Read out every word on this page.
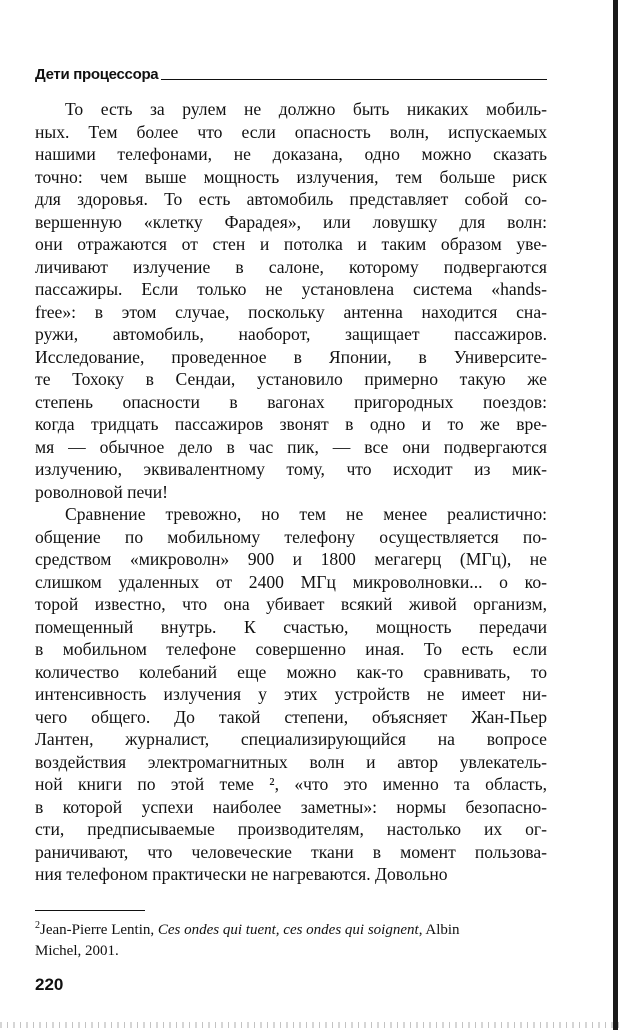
Дети процессора

То есть за рулем не должно быть никаких мобиль-
ных. Тем более что если опасность волн, испускаемых
нашими телефонами, не доказана, одно можно сказать
точно: чем выше мощность излучения, тем больше риск
для здоровья. То есть автомобиль представляет собой со-
вершенную «клетку Фарадея», или ловушку для волн:
они отражаются от стен и потолка и таким образом уве-
личивают излучение в салоне, которому подвергаются
пассажиры. Если только не установлена система «hands-
free»: в этом случае, поскольку антенна находится сна-
ружи, автомобиль, наоборот, защищает пассажиров.
Исследование, проведенное в Японии, в Университе-
те Тохоку в Сендаи, установило примерно такую же
степень опасности в вагонах пригородных поездов:
когда тридцать пассажиров звонят в одно и то же вре-
мя — обычное дело в час пик, — все они подвергаются
излучению, эквивалентному тому, что исходит из мик-
роволновой печи!

Сравнение тревожно, но тем не менее реалистично:
общение по мобильному телефону осуществляется по-
средством «микроволн» 900 и 1800 мегагерц (МГц), не
слишком удаленных от 2400 МГц микроволновки... о ко-
торой известно, что она убивает всякий живой организм,
помещенный внутрь. К счастью, мощность передачи
в мобильном телефоне совершенно иная. То есть если
количество колебаний еще можно как-то сравнивать, то
интенсивность излучения у этих устройств не имеет ни-
чего общего. До такой степени, объясняет Жан-Пьер
Лантен, журналист, специализирующийся на вопросе
воздействия электромагнитных волн и автор увлекатель-
ной книги по этой теме ², «что это именно та область,
в которой успехи наиболее заметны»: нормы безопасно-
сти, предписываемые производителям, настолько их ог-
раничивают, что человеческие ткани в момент пользова-
ния телефоном практически не нагреваются. Довольно

$^2$Jean-Pierre Lentin, Ces ondes qui tuent, ces ondes qui soignent, Albin
Michel, 2001.
220
